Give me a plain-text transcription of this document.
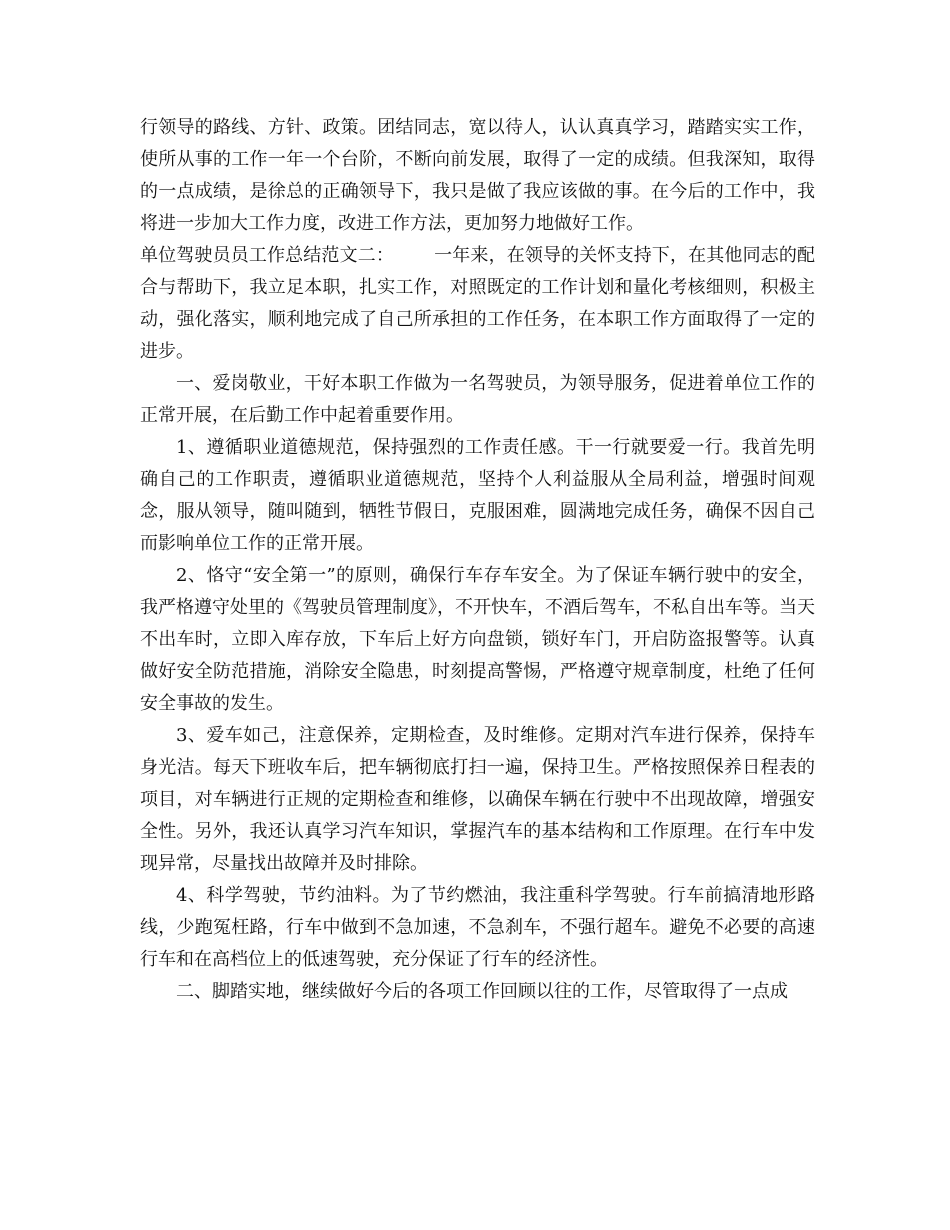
行领导的路线、方针、政策。团结同志，宽以待人，认认真真学习，踏踏实实工作，使所从事的工作一年一个台阶，不断向前发展，取得了一定的成绩。但我深知，取得的一点成绩，是徐总的正确领导下，我只是做了我应该做的事。在今后的工作中，我将进一步加大工作力度，改进工作方法，更加努力地做好工作。

单位驾驶员员工作总结范文二： 一年来，在领导的关怀支持下，在其他同志的配合与帮助下，我立足本职，扎实工作，对照既定的工作计划和量化考核细则，积极主动，强化落实，顺利地完成了自己所承担的工作任务，在本职工作方面取得了一定的进步。

一、爱岗敬业，干好本职工作做为一名驾驶员，为领导服务，促进着单位工作的正常开展，在后勤工作中起着重要作用。

1、遵循职业道德规范，保持强烈的工作责任感。干一行就要爱一行。我首先明确自己的工作职责，遵循职业道德规范，坚持个人利益服从全局利益，增强时间观念，服从领导，随叫随到，牺牲节假日，克服困难，圆满地完成任务，确保不因自己而影响单位工作的正常开展。

2、恪守“安全第一”的原则，确保行车存车安全。为了保证车辆行驶中的安全，我严格遵守处里的《驾驶员管理制度》，不开快车，不酒后驾车，不私自出车等。当天不出车时，立即入库存放，下车后上好方向盘锁，锁好车门，开启防盗报警等。认真做好安全防范措施，消除安全隐患，时刻提高警惕，严格遵守规章制度，杜绝了任何安全事故的发生。

3、爱车如己，注意保养，定期检查，及时维修。定期对汽车进行保养，保持车身光洁。每天下班收车后，把车辆彻底打扫一遍，保持卫生。严格按照保养日程表的项目，对车辆进行正规的定期检查和维修，以确保车辆在行驶中不出现故障，增强安全性。另外，我还认真学习汽车知识，掌握汽车的基本结构和工作原理。在行车中发现异常，尽量找出故障并及时排除。

4、科学驾驶，节约油料。为了节约燃油，我注重科学驾驶。行车前搞清地形路线，少跑冤枉路，行车中做到不急加速，不急刹车，不强行超车。避免不必要的高速行车和在高档位上的低速驾驶，充分保证了行车的经济性。

二、脚踏实地，继续做好今后的各项工作回顾以往的工作，尽管取得了一点成
